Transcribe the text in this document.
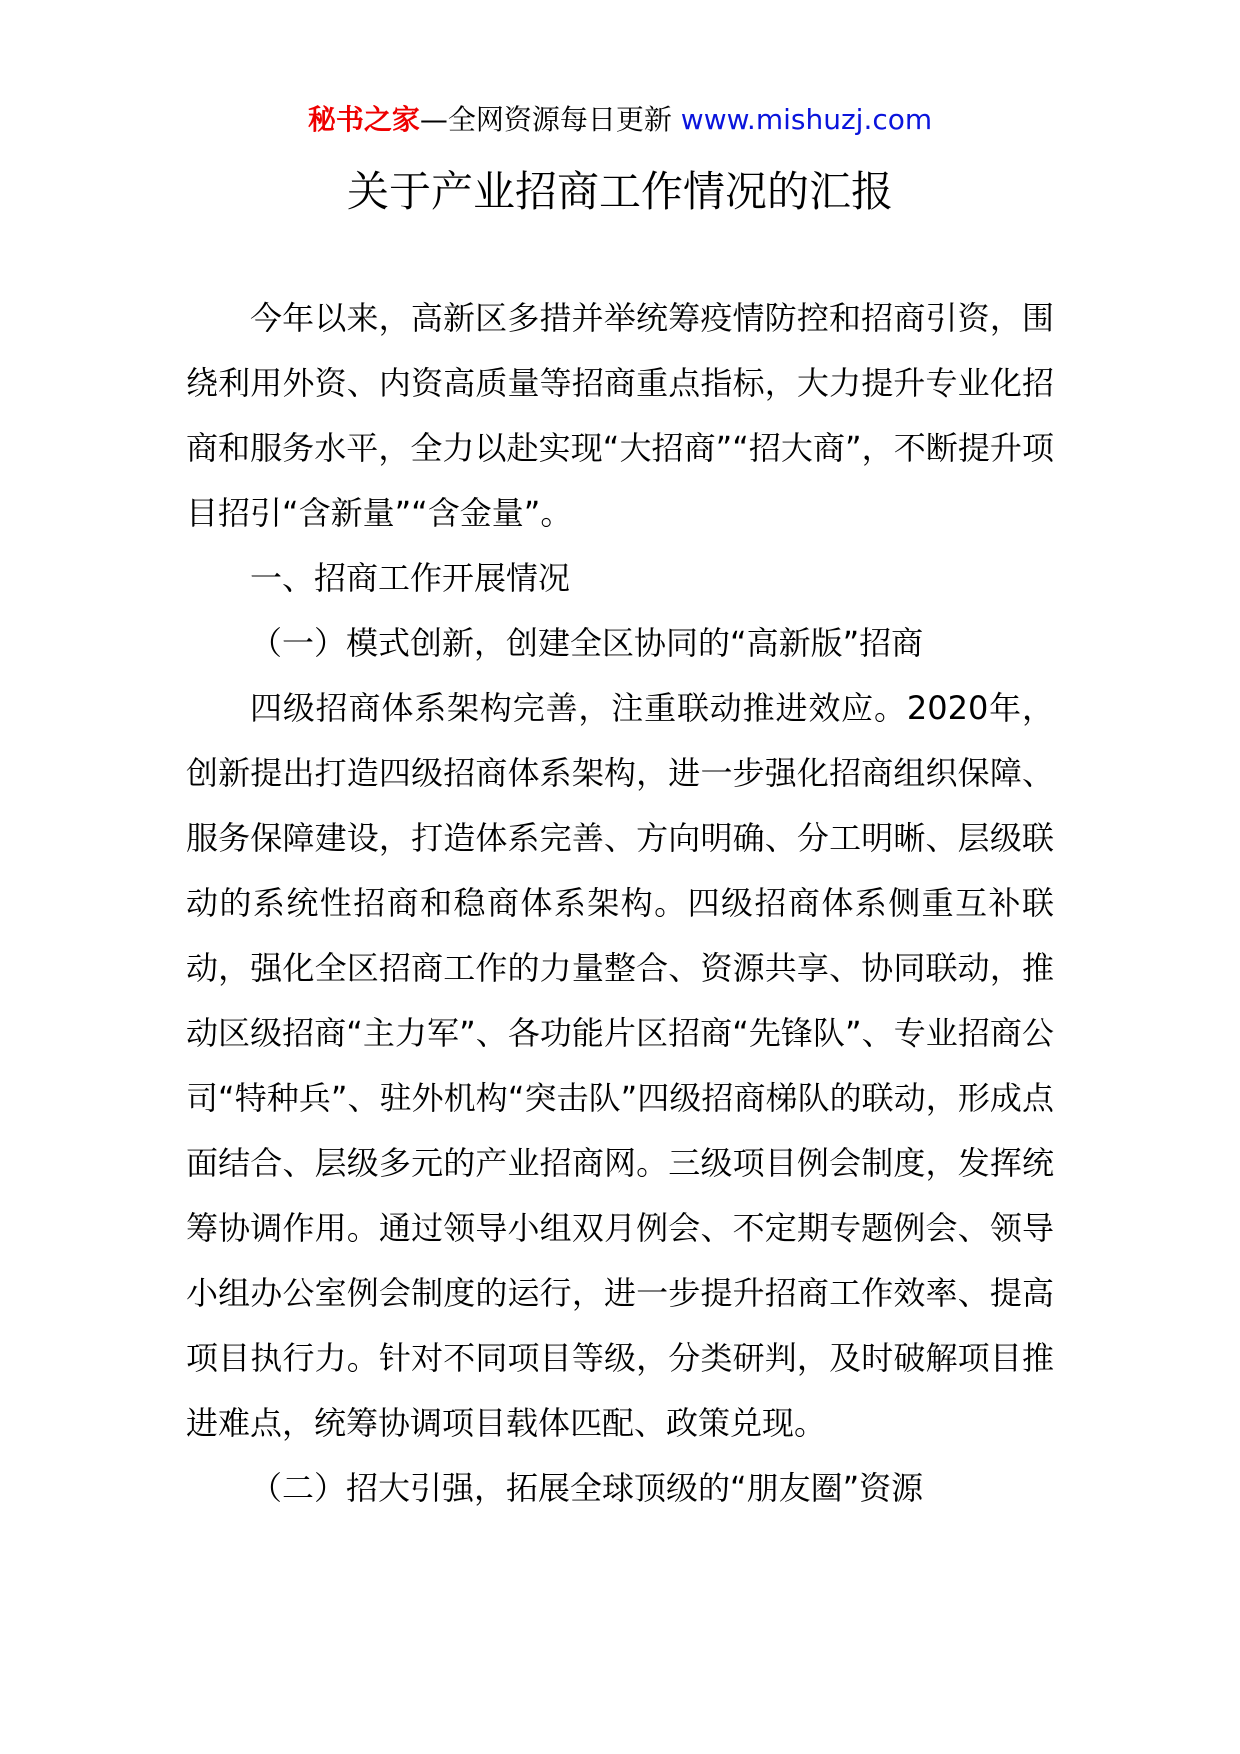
秘书之家—全网资源每日更新 www.mishuzj.com
关于产业招商工作情况的汇报

今年以来，高新区多措并举统筹疫情防控和招商引资，围绕利用外资、内资高质量等招商重点指标，大力提升专业化招商和服务水平，全力以赴实现“大招商”“招大商”，不断提升项目招引“含新量”“含金量”。

一、招商工作开展情况

（一）模式创新，创建全区协同的“高新版”招商

四级招商体系架构完善，注重联动推进效应。2020年，创新提出打造四级招商体系架构，进一步强化招商组织保障、服务保障建设，打造体系完善、方向明确、分工明晰、层级联动的系统性招商和稳商体系架构。四级招商体系侧重互补联动，强化全区招商工作的力量整合、资源共享、协同联动，推动区级招商“主力军”、各功能片区招商“先锋队”、专业招商公司“特种兵”、驻外机构“突击队”四级招商梯队的联动，形成点面结合、层级多元的产业招商网。三级项目例会制度，发挥统筹协调作用。通过领导小组双月例会、不定期专题例会、领导小组办公室例会制度的运行，进一步提升招商工作效率、提高项目执行力。针对不同项目等级，分类研判，及时破解项目推进难点，统筹协调项目载体匹配、政策兑现。

（二）招大引强，拓展全球顶级的“朋友圈”资源
